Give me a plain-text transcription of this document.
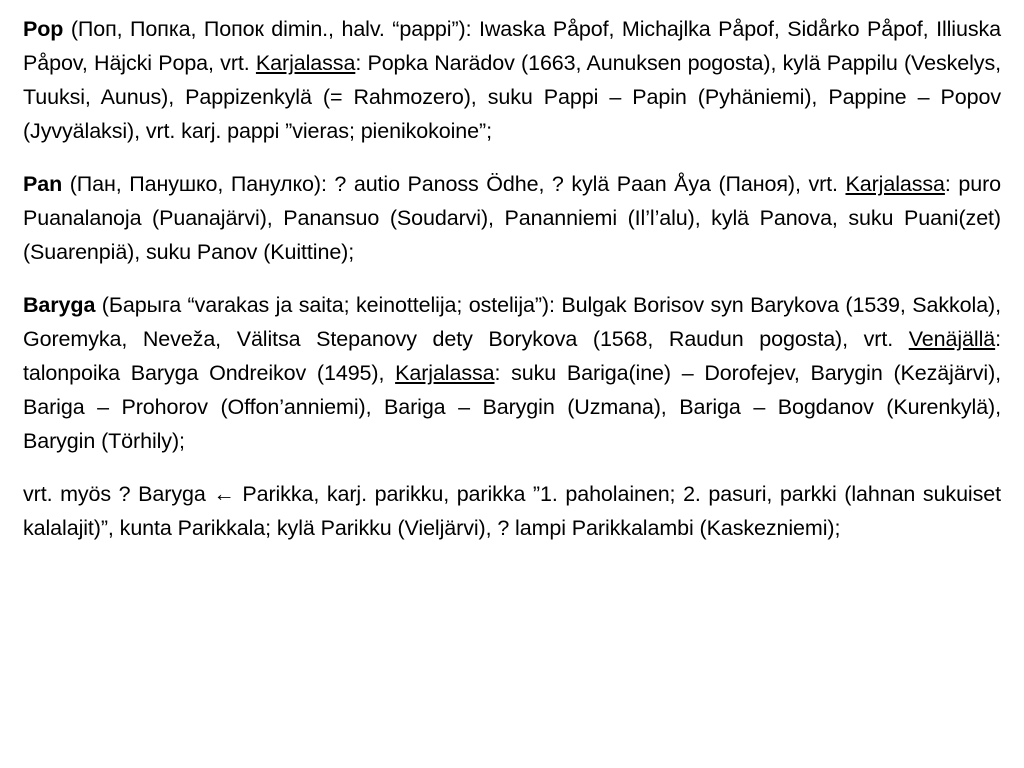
Pop (Поп, Попка, Попок dimin., halv. “pappi”): Iwaska Påpof, Michajlka Påpof, Sidårko Påpof, Illiuska Påpov, Häjcki Popa, vrt. Karjalassa: Popka Narädov (1663, Aunuksen pogosta), kylä Pappilu (Veskelys, Tuuksi, Aunus), Pappizenkylä (= Rahmozero), suku Pappi – Papin (Pyhäniemi), Pappine – Popov (Jyvyälaksi), vrt. karj. pappi ”vieras; pienikokoine”;

Pan (Пан, Панушко, Панулко): ? autio Panoss Ödhe, ? kylä Paan Åya (Паноя), vrt. Karjalassa: puro Puanalanoja (Puanajärvi), Panansuo (Soudarvi), Pananniemi (Il’l’alu), kylä Panova, suku Puani(zet) (Suarenpiä), suku Panov (Kuittine);

Baryga (Барыга “varakas ja saita; keinottelija; ostelija”): Bulgak Borisov syn Barykova (1539, Sakkola), Goremyka, Neveža, Välitsa Stepanovy dety Borykova (1568, Raudun pogosta), vrt. Venäjällä: talonpoika Baryga Ondreikov (1495), Karjalassa: suku Bariga(ine) – Dorofejev, Barygin (Kezäjärvi), Bariga – Prohorov (Offon’anniemi), Bariga – Barygin (Uzmana), Bariga – Bogdanov (Kurenkylä), Barygin (Törhily);

vrt. myös ? Baryga ← Parikka, karj. parikku, parikka ”1. paholainen; 2. pasuri, parkki (lahnan sukuiset kalalajit)”, kunta Parikkala; kylä Parikku (Vieljärvi), ? lampi Parikkalambi (Kaskezniemi);
